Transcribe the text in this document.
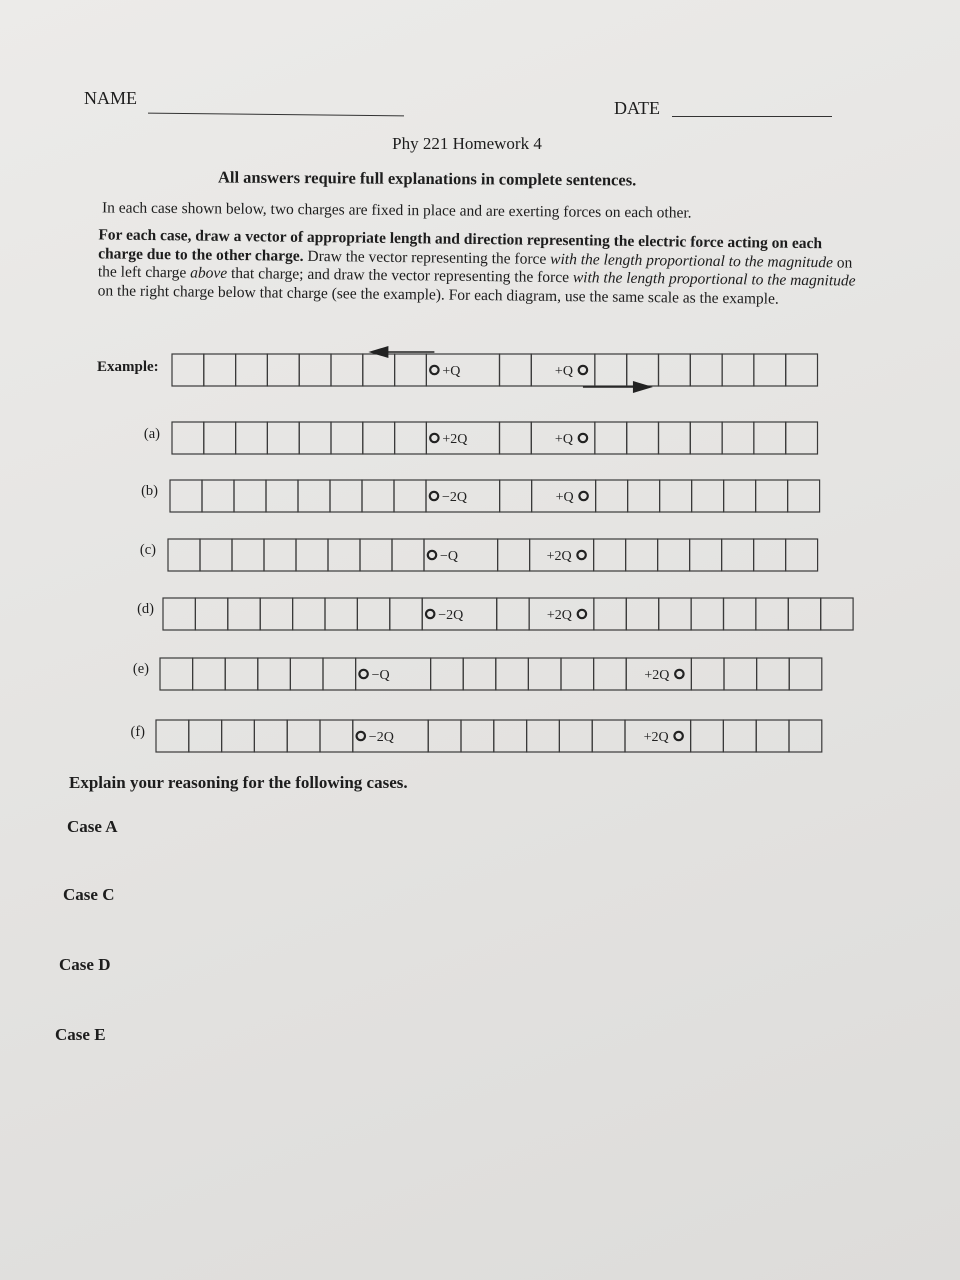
NAME	DATE
Phy 221 Homework 4
All answers require full explanations in complete sentences.
In each case shown below, two charges are fixed in place and are exerting forces on each other.
For each case, draw a vector of appropriate length and direction representing the electric force acting on each charge due to the other charge. Draw the vector representing the force with the length proportional to the magnitude on the left charge above that charge; and draw the vector representing the force with the length proportional to the magnitude on the right charge below that charge (see the example). For each diagram, use the same scale as the example.
Example:	+Q	+Q
(a)	+2Q	+Q
(b)	−2Q	+Q
(c)	−Q	+2Q
(d)	−2Q	+2Q
(e)	−Q	+2Q
(f)	−2Q	+2Q
Explain your reasoning for the following cases.
Case A
Case C
Case D
Case E
